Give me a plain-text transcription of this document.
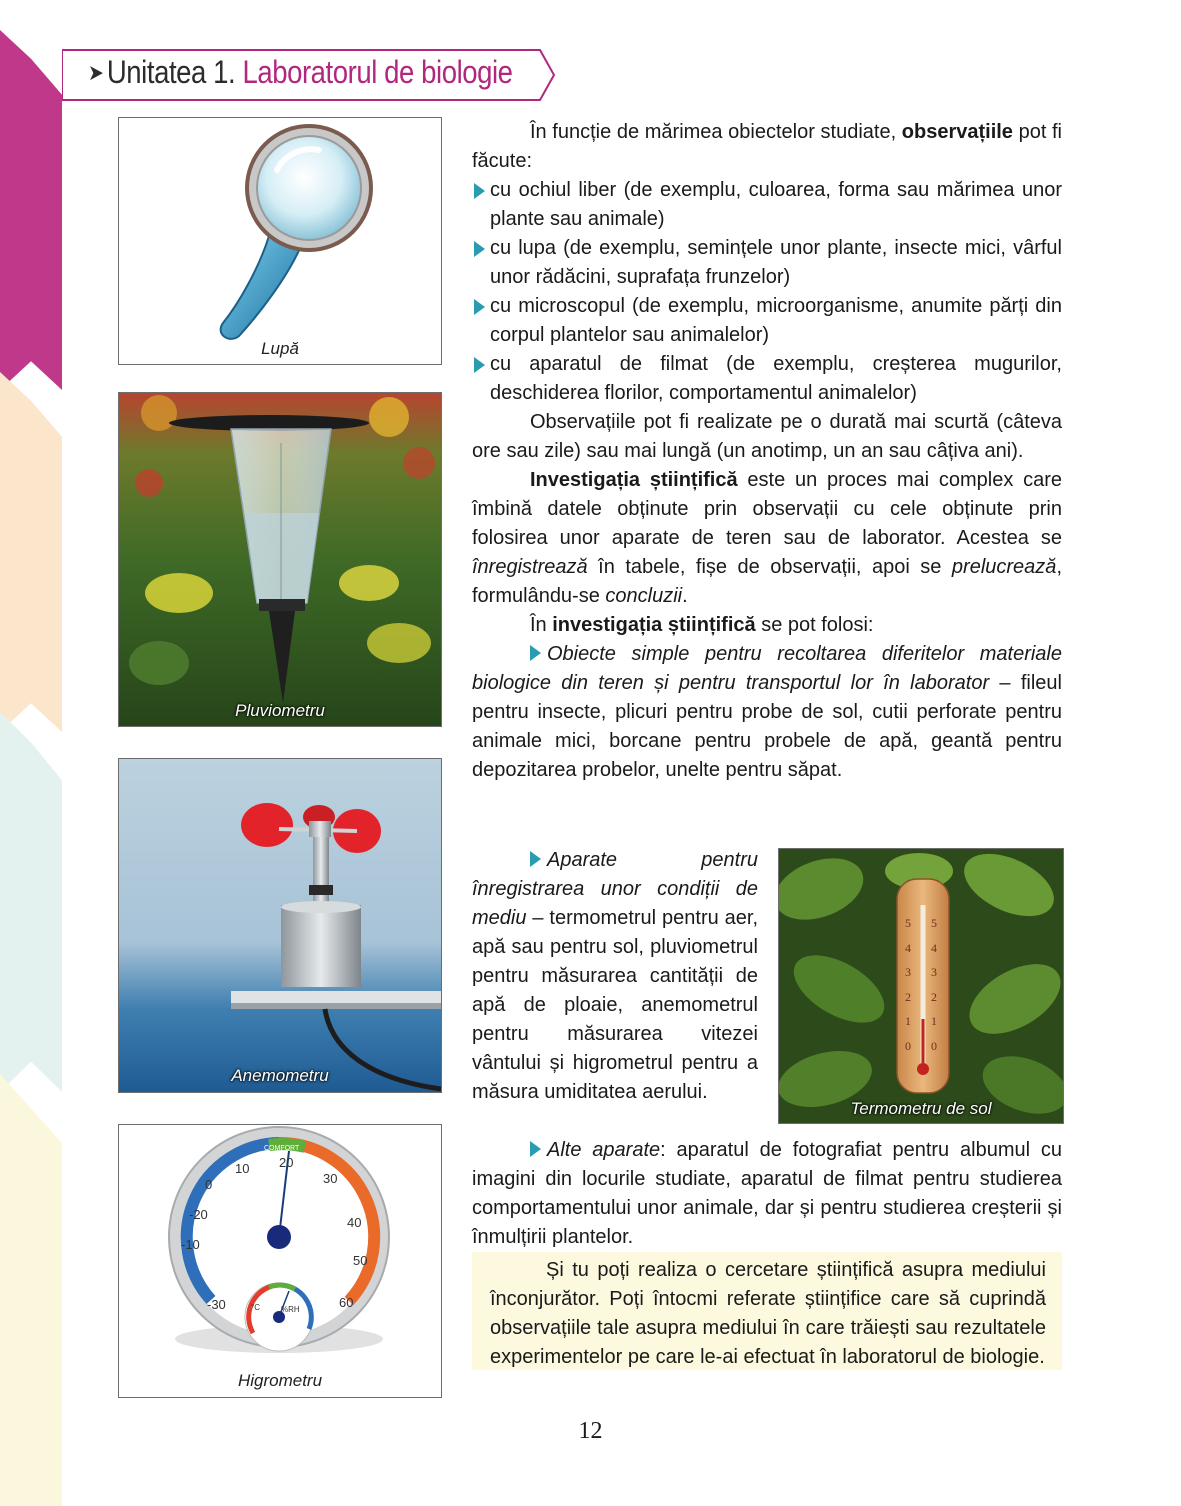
➤ Unitatea 1. Laboratorul de biologie
Lupă
Pluviometru
Anemometru
-20
0
-10
-30
10 20
30
40
50
60
COMFORT
°C	%RH
Higrometru
5
4
3
2
1
0
5
4
3
2
1
0
Termometru de sol

În funcție de mărimea obiectelor studiate, observațiile pot fi făcute:

cu ochiul liber (de exemplu, culoarea, forma sau mărimea unor plante sau animale)

cu lupa (de exemplu, semințele unor plante, insecte mici, vârful unor rădăcini, suprafața frunzelor)

cu microscopul (de exemplu, microorganisme, anumite părți din corpul plantelor sau animalelor)

cu aparatul de filmat (de exemplu, creșterea mugurilor, deschiderea florilor, comportamentul animalelor)

Observațiile pot fi realizate pe o durată mai scurtă (câteva ore sau zile) sau mai lungă (un anotimp, un an sau câțiva ani).

Investigația științifică este un proces mai complex care îmbină datele obținute prin observații cu cele obținute prin folosirea unor aparate de teren sau de laborator. Acestea se înregistrează în tabele, fișe de observații, apoi se prelucrează, formulându-se concluzii.

În investigația științifică se pot folosi:

Obiecte simple pentru recoltarea diferitelor materiale biologice din teren și pentru transportul lor în laborator – fileul pentru insecte, plicuri pentru probe de sol, cutii perforate pentru animale mici, borcane pentru probele de apă, geantă pentru depozitarea probelor, unelte pentru săpat.

Aparate pentru înregistrarea unor condiții de mediu – termometrul pentru aer, apă sau pentru sol, pluviometrul pentru măsurarea cantității de apă de ploaie, anemometrul pentru măsurarea vitezei vântului și higrometrul pentru a măsura umiditatea aerului.

Alte aparate: aparatul de fotografiat pentru albumul cu imagini din locurile studiate, aparatul de filmat pentru studierea comportamentului unor animale, dar și pentru studierea creșterii și înmulțirii plantelor.

Și tu poți realiza o cercetare științifică asupra mediului înconjurător. Poți întocmi referate științifice care să cuprindă observațiile tale asupra mediului în care trăiești sau rezultatele experimentelor pe care le-ai efectuat în laboratorul de biologie.

12
